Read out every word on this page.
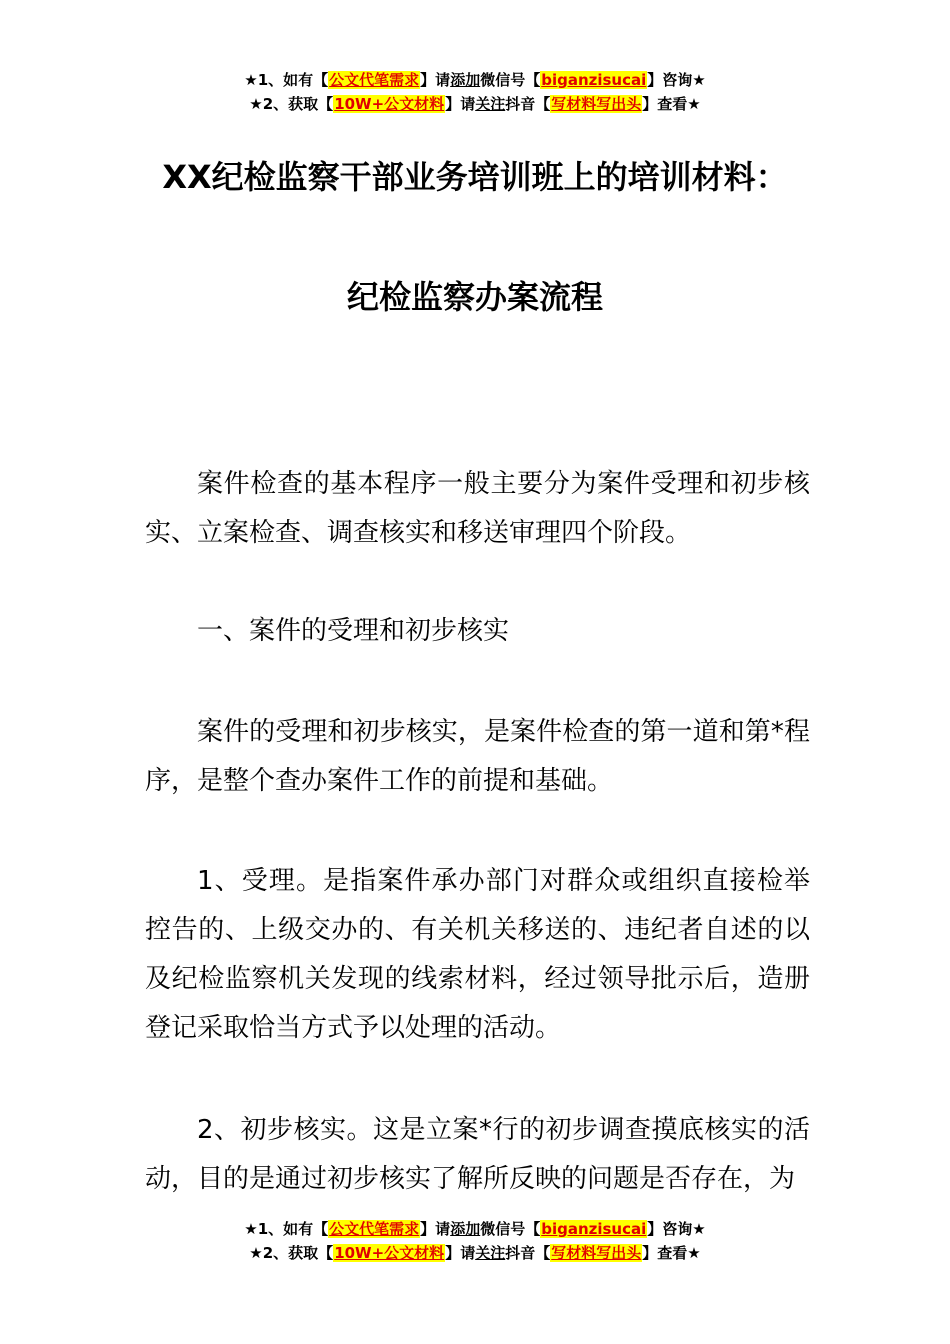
★1、如有【公文代笔需求】请添加微信号【biganzisucai】咨询★
★2、获取【10W+公文材料】请关注抖音【写材料写出头】查看★
XX纪检监察干部业务培训班上的培训材料：
纪检监察办案流程
案件检查的基本程序一般主要分为案件受理和初步核实、立案检查、调查核实和移送审理四个阶段。
一、案件的受理和初步核实
案件的受理和初步核实，是案件检查的第一道和第*程序，是整个查办案件工作的前提和基础。
1、受理。是指案件承办部门对群众或组织直接检举控告的、上级交办的、有关机关移送的、违纪者自述的以及纪检监察机关发现的线索材料，经过领导批示后，造册登记采取恰当方式予以处理的活动。
2、初步核实。这是立案*行的初步调查摸底核实的活动，目的是通过初步核实了解所反映的问题是否存在，为
★1、如有【公文代笔需求】请添加微信号【biganzisucai】咨询★
★2、获取【10W+公文材料】请关注抖音【写材料写出头】查看★
